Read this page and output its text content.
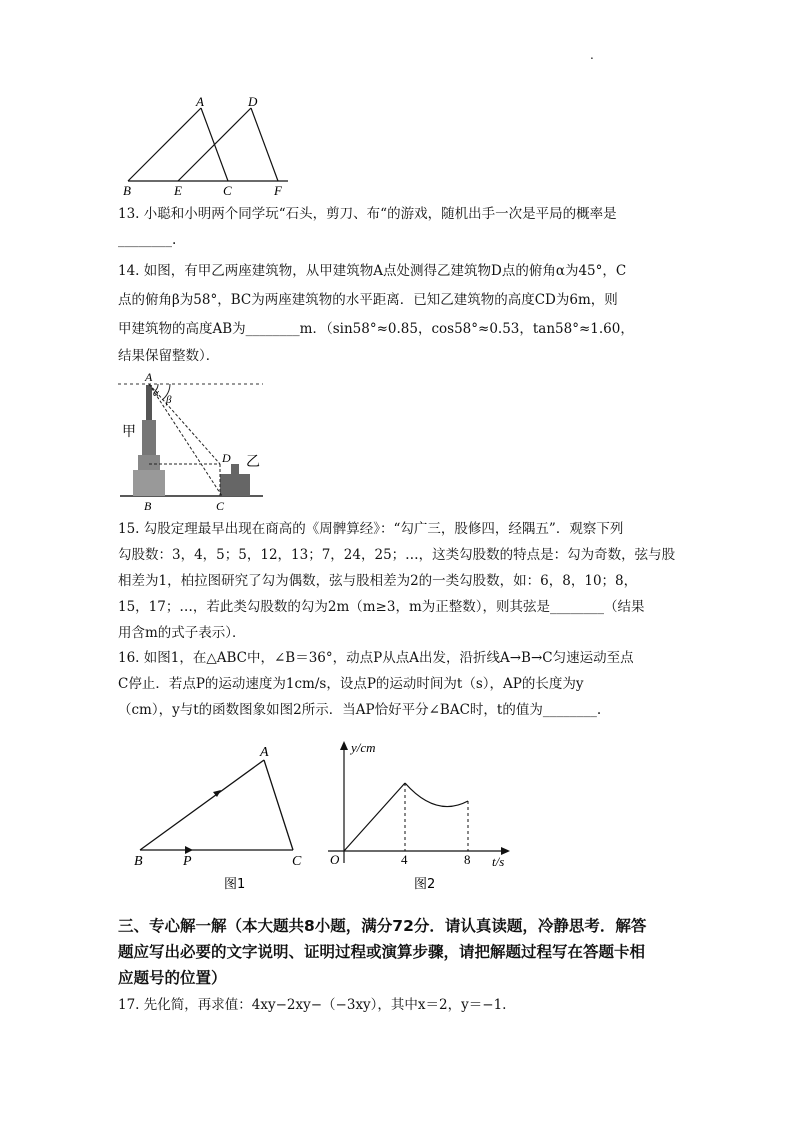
.
A	D
B	E	C	F
13. 小聪和小明两个同学玩“石头，剪刀、布“的游戏，随机出手一次是平局的概率是
________.
14. 如图，有甲乙两座建筑物，从甲建筑物A点处测得乙建筑物D点的俯角α为45°，C
点的俯角β为58°，BC为两座建筑物的水平距离．已知乙建筑物的高度CD为6m，则
甲建筑物的高度AB为________m．（sin58°≈0.85，cos58°≈0.53，tan58°≈1.60，
结果保留整数）．
A
α
β
甲
D 乙
B	C
15. 勾股定理最早出现在商高的《周髀算经》：“勾广三，股修四，经隅五”．观察下列
勾股数：3，4，5；5，12，13；7，24，25；…，这类勾股数的特点是：勾为奇数，弦与股
相差为1，柏拉图研究了勾为偶数，弦与股相差为2的一类勾股数，如：6，8，10；8，
15，17；…，若此类勾股数的勾为2m（m≥3，m为正整数），则其弦是________（结果
用含m的式子表示）．
16. 如图1，在△ABC中，∠B＝36°，动点P从点A出发，沿折线A→B→C匀速运动至点
C停止．若点P的运动速度为1cm/s，设点P的运动时间为t（s），AP的长度为y
（cm），y与t的函数图象如图2所示．当AP恰好平分∠BAC时，t的值为________.
A
B	P	C
图1
y/cm
t/s
O	4	8
图2
三、专心解一解（本大题共8小题，满分72分．请认真读题，冷静思考．解答
题应写出必要的文字说明、证明过程或演算步骤，请把解题过程写在答题卡相
应题号的位置）
17. 先化简，再求值：4xy−2xy−（−3xy），其中x＝2，y＝−1.
